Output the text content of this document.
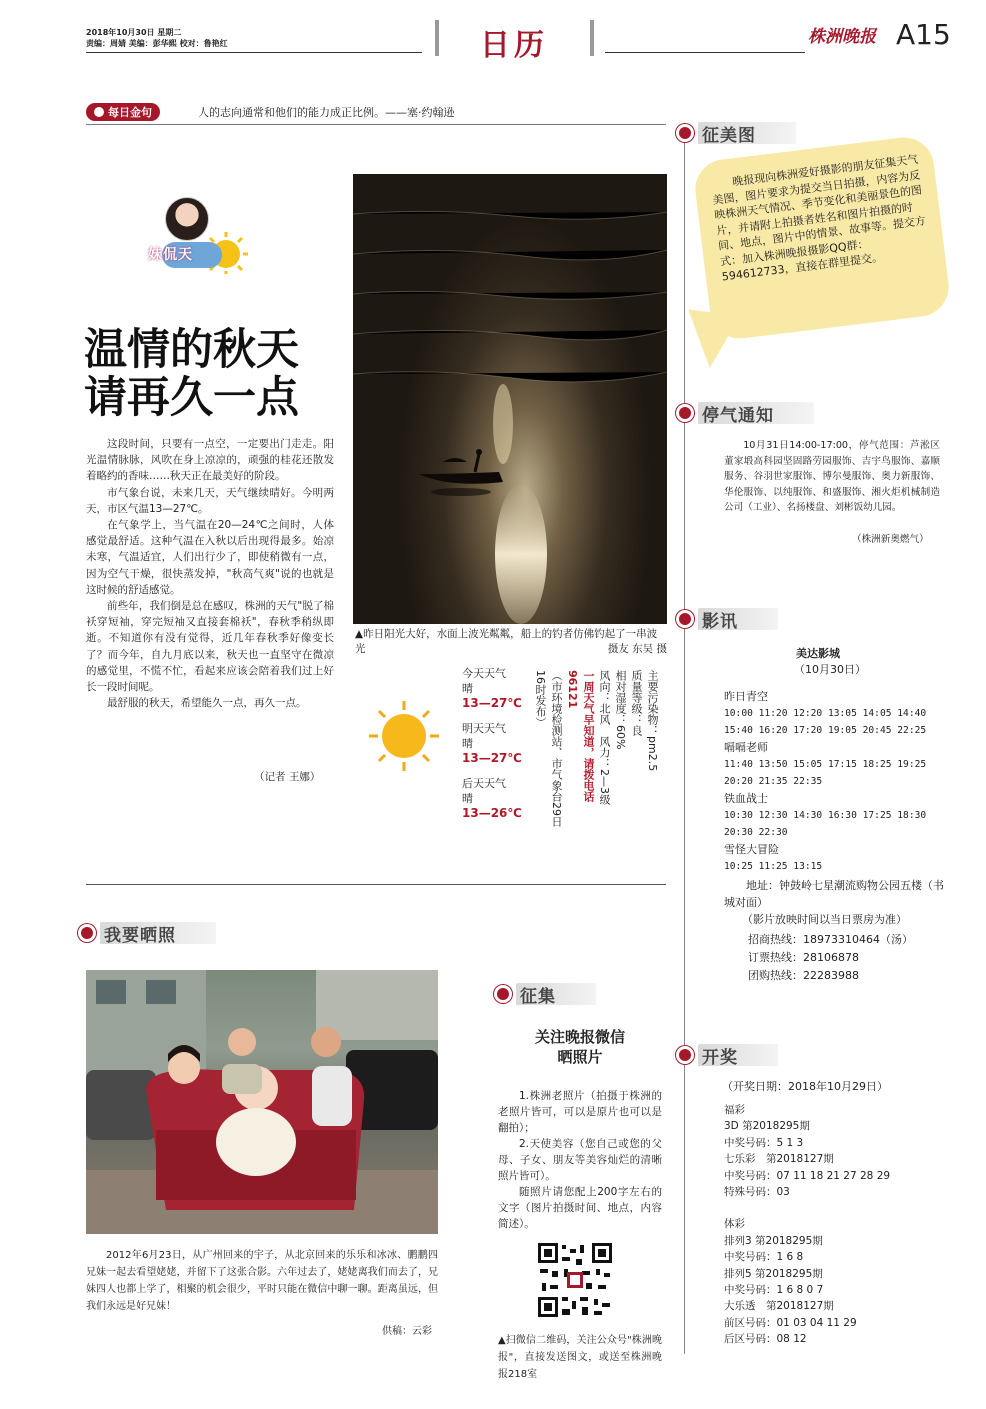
2018年10月30日 星期二
责编：周婧 美编：彭华熙 校对：鲁艳红	日历	株洲晚报 A15
每日金句	人的志向通常和他们的能力成正比例。——塞·约翰逊
妹侃天
温情的秋天
请再久一点

这段时间，只要有一点空，一定要出门走走。阳光温情脉脉，风吹在身上凉凉的，顽强的桂花还散发着略约的香味……秋天正在最美好的阶段。

市气象台说，未来几天，天气继续晴好。今明两天，市区气温13—27℃。

在气象学上，当气温在20—24℃之间时，人体感觉最舒适。这种气温在入秋以后出现得最多。始凉未寒，气温适宜，人们出行少了，即使稍微有一点，因为空气干燥，很快蒸发掉，"秋高气爽"说的也就是这时候的舒适感觉。

前些年，我们倒是总在感叹，株洲的天气"脱了棉袄穿短袖，穿完短袖又直接套棉袄"，春秋季稍纵即逝。不知道你有没有觉得，近几年春秋季好像变长了？而今年，自九月底以来，秋天也一直坚守在微凉的感觉里，不慌不忙，看起来应该会陪着我们过上好长一段时间呢。

最舒服的秋天，希望能久一点，再久一点。

（记者 王娜）
▲昨日阳光大好，水面上波光粼粼，船上的钓者仿佛钓起了一串波光	摄友 东吴 摄
今天天气
晴
13—27℃
明天天气
晴
13—27℃
后天天气
晴
13—26℃
主要污染物：pm2.5
质量等级：良
相对湿度：60%
风向：北风　风力：2—3级
一周天气早知道，请拨电话96121
（市环境检测站、市气象台29日16时发布）
征美图
晚报现向株洲爱好摄影的朋友征集天气美图，图片要求为提交当日拍摄，内容为反映株洲天气情况、季节变化和美丽景色的图片，并请附上拍摄者姓名和图片拍摄的时间、地点，图片中的情景、故事等。提交方式：加入株洲晚报摄影QQ群：594612733，直接在群里提交。
停气通知
10月31日14:00-17:00，停气范围：芦淞区董家塅高科园坚固路劳园服饰、吉宇鸟服饰、嘉顺服务、谷羽世家服饰、博尔曼服饰、奥力新服饰、华伦服饰、以纯服饰、和盛服饰、湘火炬机械制造公司（工业）、名扬楼盘、刘彬饭幼儿园。
（株洲新奥燃气）
影讯
美达影城
（10月30日）
昨日青空
10:00 11:20 12:20 13:05 14:05 14:40
15:40 16:20 17:20 19:05 20:45 22:25
嗝嗝老师
11:40 13:50 15:05 17:15 18:25 19:25
20:20 21:35 22:35
铁血战士
10:30 12:30 14:30 16:30 17:25 18:30
20:30 22:30
雪怪大冒险
10:25 11:25 13:15
地址：钟鼓岭七星潮流购物公园五楼（书城对面）
（影片放映时间以当日票房为准）
招商热线：18973310464（汤）
订票热线：28106878
团购热线：22283988
开奖
（开奖日期：2018年10月29日）
福彩
3D 第2018295期
中奖号码：5 1 3
七乐彩　第2018127期
中奖号码：07 11 18 21 27 28 29
特殊号码：03
体彩
排列3 第2018295期
中奖号码：1 6 8
排列5 第2018295期
中奖号码：1 6 8 0 7
大乐透　第2018127期
前区号码：01 03 04 11 29
后区号码：08 12
我要晒照
2012年6月23日，从广州回来的宇子，从北京回来的乐乐和冰冰、鹏鹏四兄妹一起去看望姥姥，并留下了这张合影。六年过去了，姥姥离我们而去了，兄妹四人也都上学了，相聚的机会很少，平时只能在微信中聊一聊。距离虽远，但我们永远是好兄妹！
供稿：云彩
征集
关注晚报微信
晒照片

1.株洲老照片（拍摄于株洲的老照片皆可，可以是原片也可以是翻拍）；

2.天使美容（您自己或您的父母、子女、朋友等美容灿烂的清晰照片皆可）。

随照片请您配上200字左右的文字（图片拍摄时间、地点，内容简述）。

▲扫微信二维码，关注公众号"株洲晚报"，直接发送图文，或送至株洲晚报218室
